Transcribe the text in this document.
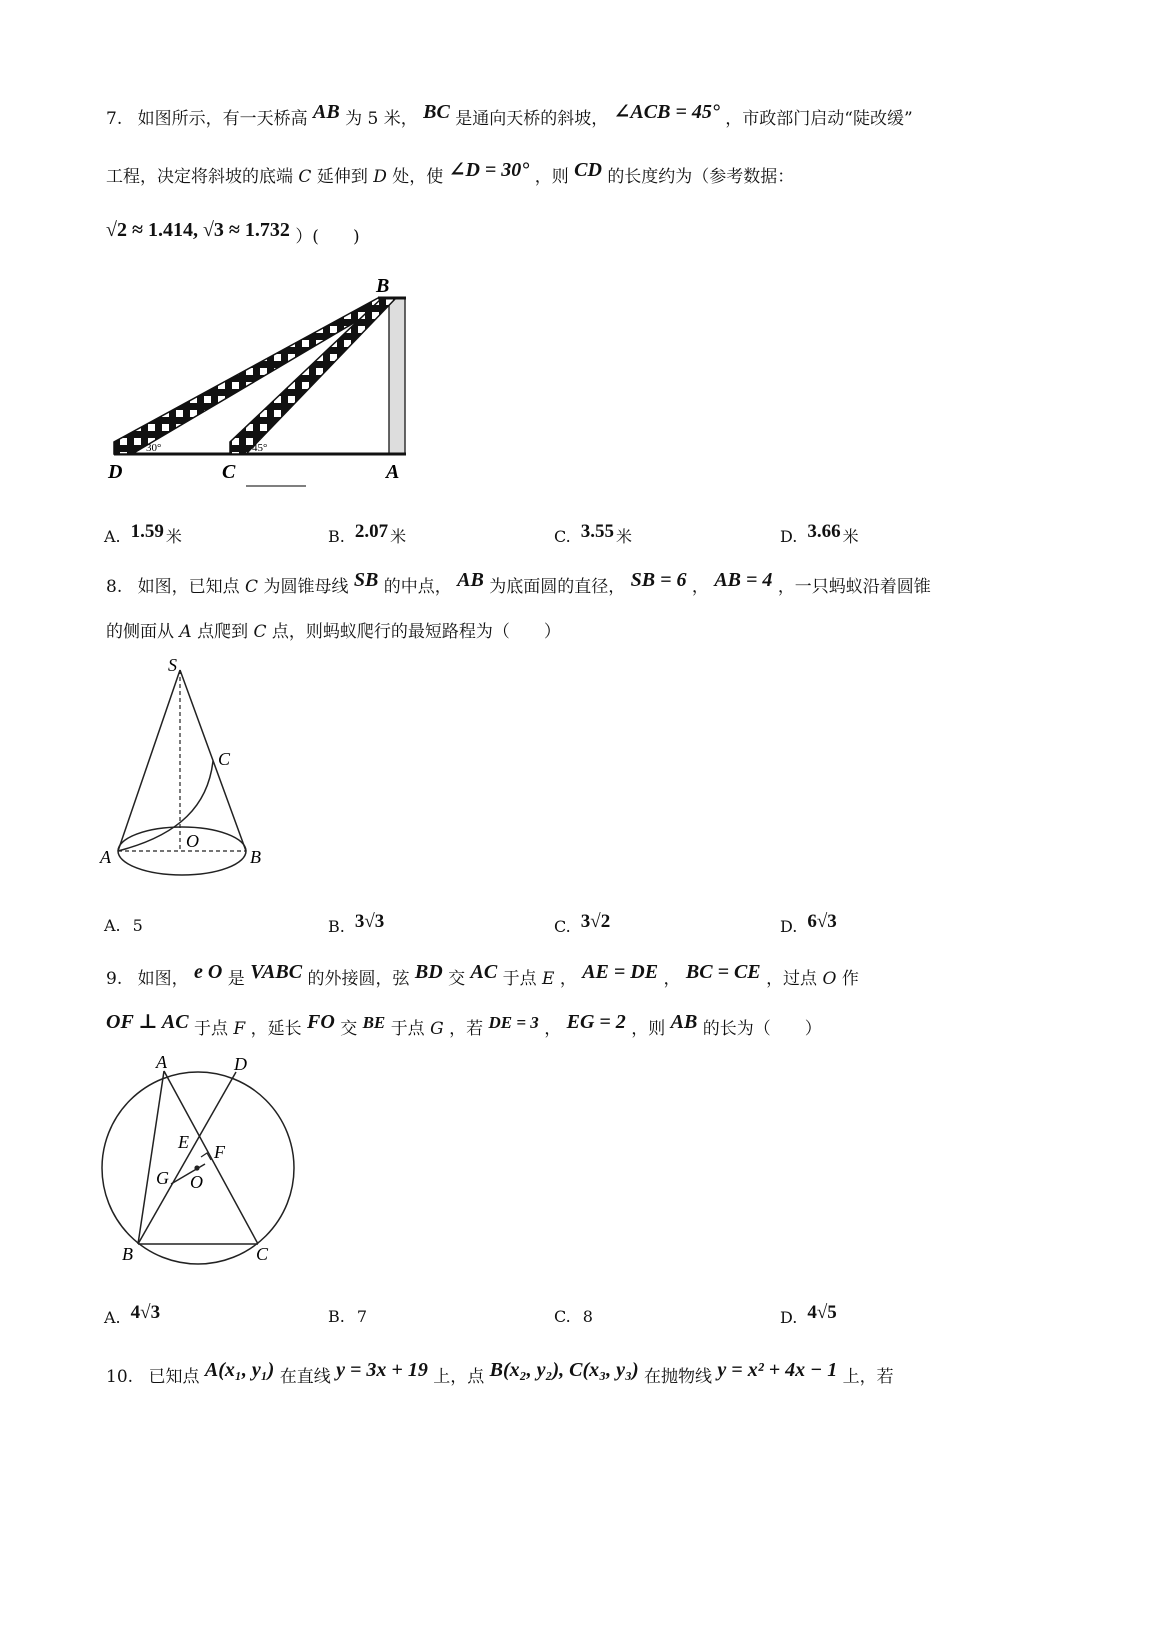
7. 如图所示，有一天桥高 AB 为 5 米， BC 是通向天桥的斜坡， ∠ACB = 45° ，市政部门启动“陡改缓”
工程，决定将斜坡的底端 C 延伸到 D 处，使 ∠D = 30° ，则 CD 的长度约为（参考数据：
√2 ≈ 1.414, √3 ≈ 1.732 ）(　　)
B
D	C	A
30°	45°
A. 1.59 米	B. 2.07 米	C. 3.55 米	D. 3.66 米
8. 如图，已知点 C 为圆锥母线 SB 的中点， AB 为底面圆的直径， SB = 6 ， AB = 4 ，一只蚂蚁沿着圆锥
的侧面从 A 点爬到 C 点，则蚂蚁爬行的最短路程为（　　）
S
C
O
A	B
A. 5	B. 3√3	C. 3√2	D. 6√3
9. 如图， e O 是 VABC 的外接圆，弦 BD 交 AC 于点 E ， AE = DE ， BC = CE ，过点 O 作
OF ⊥ AC 于点 F ，延长 FO 交 BE 于点 G ，若 DE = 3 ， EG = 2 ，则 AB 的长为（　　）
A	D
E F
G O
B	C
A. 4√3	B. 7	C. 8	D. 4√5
10. 已知点 A(x₁, y₁) 在直线 y = 3x + 19 上，点 B(x₂, y₂), C(x₃, y₃) 在抛物线 y = x² + 4x − 1 上，若
